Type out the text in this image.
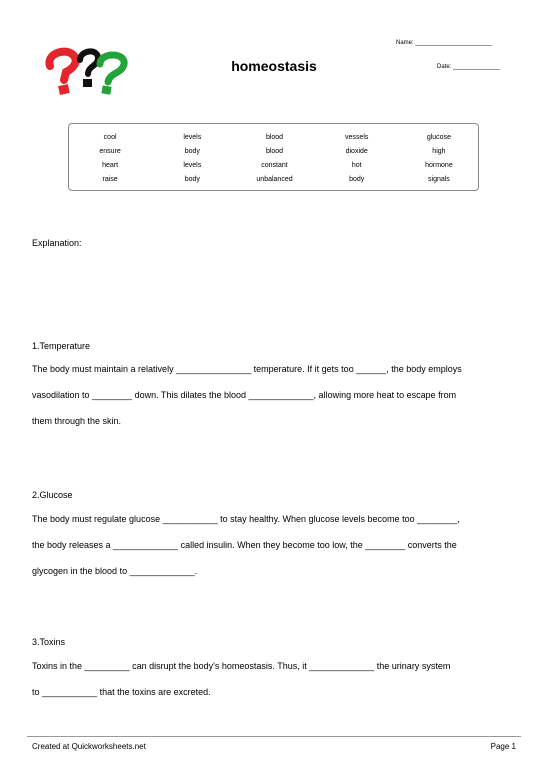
homeostasis
Name: _______________________
Date: ______________
cool	levels	blood	vessels	glucose
ensure	body	blood	dioxide	high
heart	levels	constant	hot	hormone
raise	body	unbalanced	body	signals
Explanation:
1.Temperature
The body must maintain a relatively _______________ temperature. If it gets too ______, the body employs
vasodilation to ________ down. This dilates the blood _____________, allowing more heat to escape from
them through the skin.
2.Glucose
The body must regulate glucose ___________ to stay healthy. When glucose levels become too ________,
the body releases a _____________ called insulin. When they become too low, the ________ converts the
glycogen in the blood to _____________.
3.Toxins
Toxins in the _________ can disrupt the body's homeostasis. Thus, it _____________ the urinary system
to ___________ that the toxins are excreted.
Created at Quickworksheets.net	Page 1
